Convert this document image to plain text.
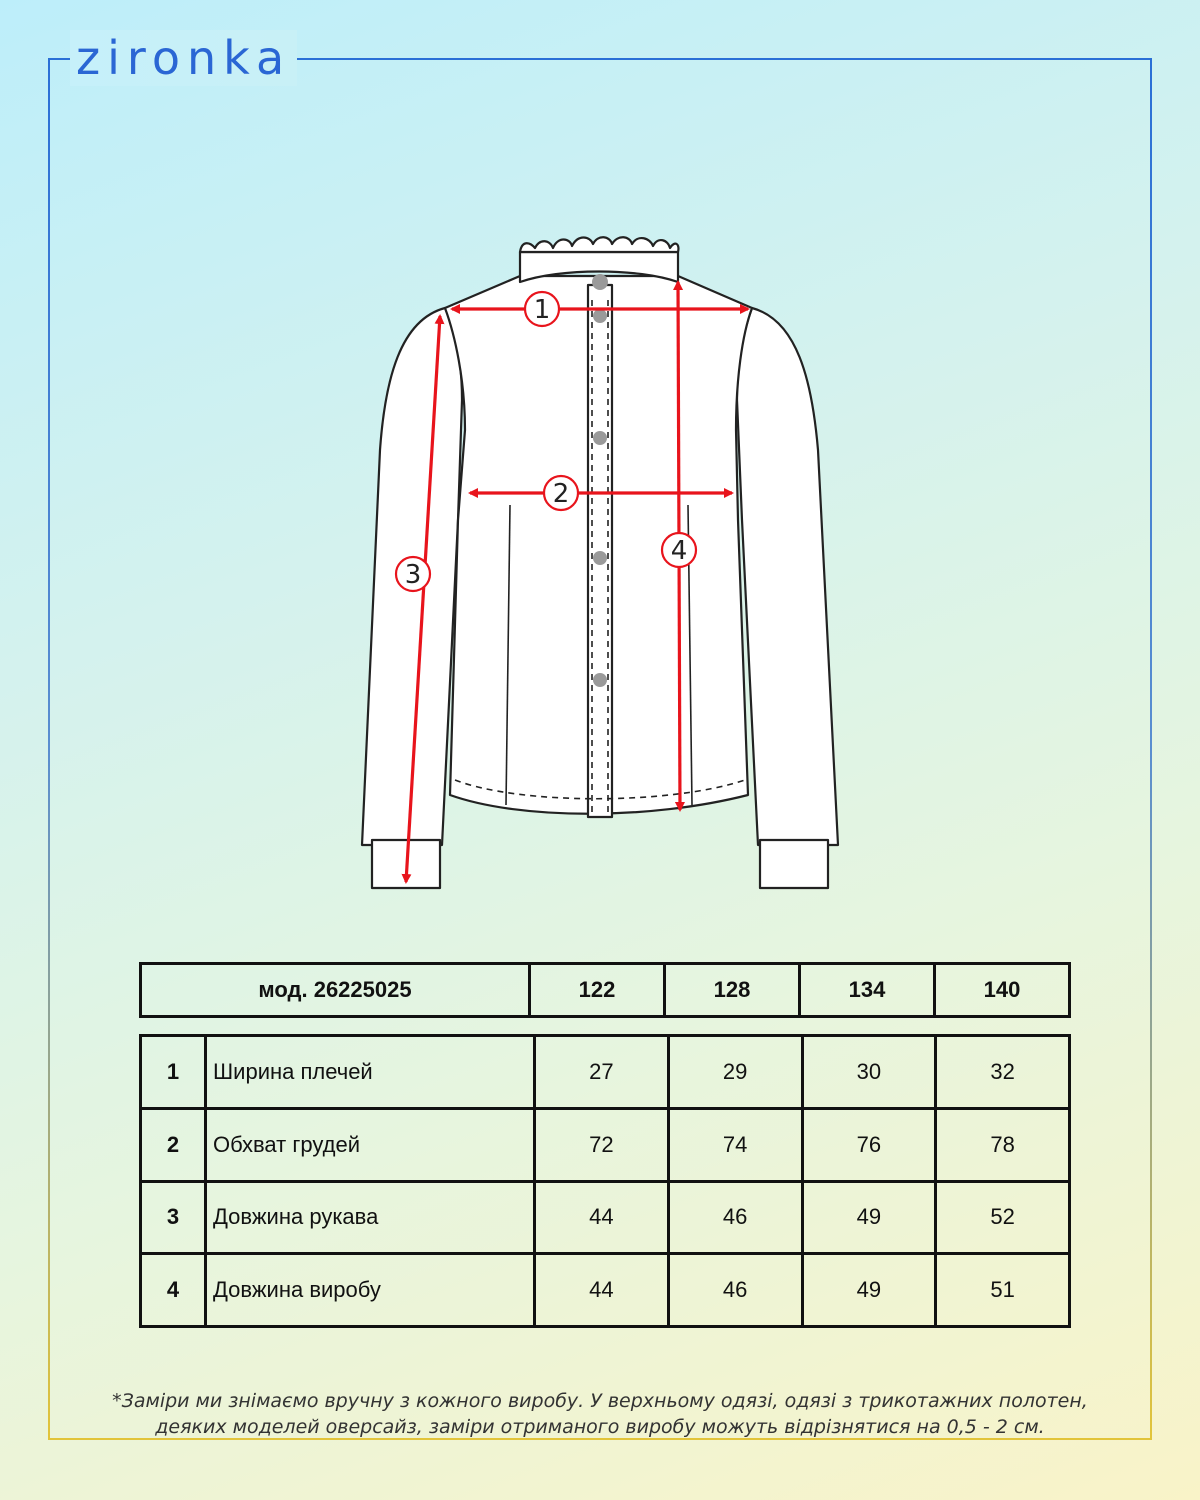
zironka
1
2
3
4
мод. 26225025	122	128	134	140
1	Ширина плечей	27	29	30	32
2	Обхват грудей	72	74	76	78
3	Довжина рукава	44	46	49	52
4	Довжина виробу	44	46	49	51
*Заміри ми знімаємо вручну з кожного виробу. У верхньому одязі, одязі з трикотажних полотен,
деяких моделей оверсайз, заміри отриманого виробу можуть відрізнятися на 0,5 - 2 см.
